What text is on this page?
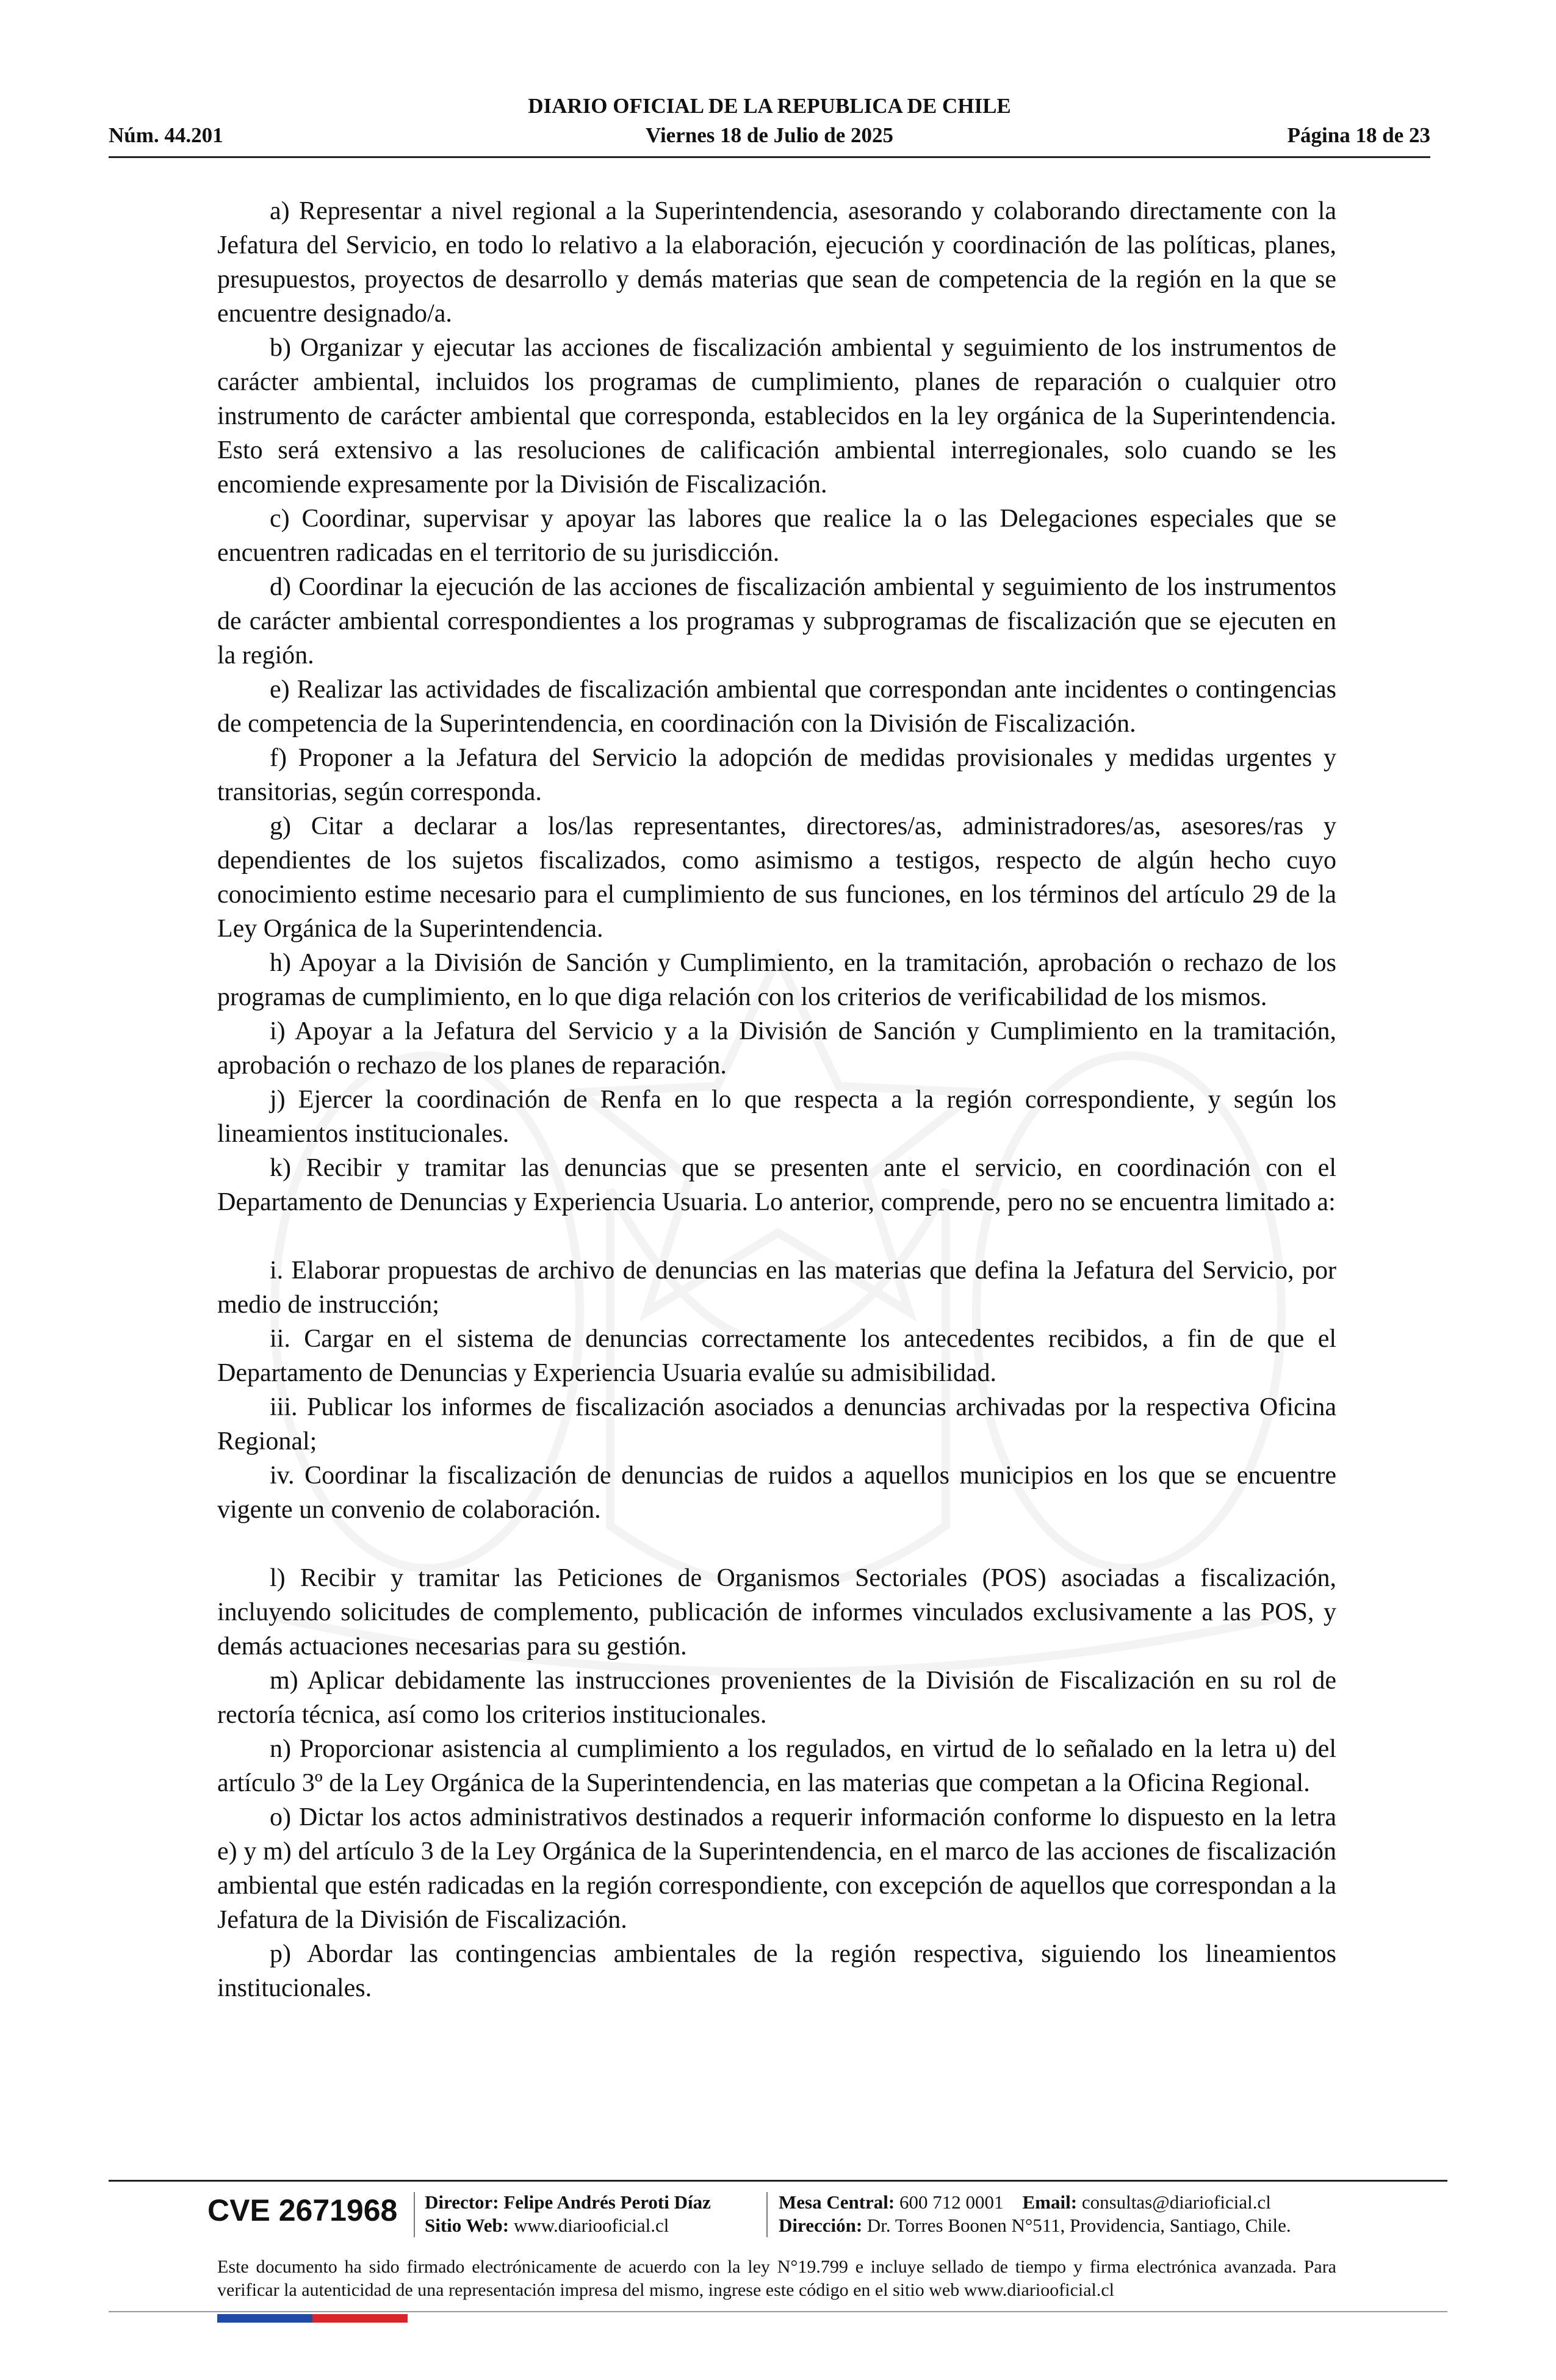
DIARIO OFICIAL DE LA REPUBLICA DE CHILE
Viernes 18 de Julio de 2025
Núm. 44.201	Página 18 de 23

a) Representar a nivel regional a la Superintendencia, asesorando y colaborando directamente con la Jefatura del Servicio, en todo lo relativo a la elaboración, ejecución y coordinación de las políticas, planes, presupuestos, proyectos de desarrollo y demás materias que sean de competencia de la región en la que se encuentre designado/a.

b) Organizar y ejecutar las acciones de fiscalización ambiental y seguimiento de los instrumentos de carácter ambiental, incluidos los programas de cumplimiento, planes de reparación o cualquier otro instrumento de carácter ambiental que corresponda, establecidos en la ley orgánica de la Superintendencia. Esto será extensivo a las resoluciones de calificación ambiental interregionales, solo cuando se les encomiende expresamente por la División de Fiscalización.

c) Coordinar, supervisar y apoyar las labores que realice la o las Delegaciones especiales que se encuentren radicadas en el territorio de su jurisdicción.

d) Coordinar la ejecución de las acciones de fiscalización ambiental y seguimiento de los instrumentos de carácter ambiental correspondientes a los programas y subprogramas de fiscalización que se ejecuten en la región.

e) Realizar las actividades de fiscalización ambiental que correspondan ante incidentes o contingencias de competencia de la Superintendencia, en coordinación con la División de Fiscalización.

f) Proponer a la Jefatura del Servicio la adopción de medidas provisionales y medidas urgentes y transitorias, según corresponda.

g) Citar a declarar a los/las representantes, directores/as, administradores/as, asesores/ras y dependientes de los sujetos fiscalizados, como asimismo a testigos, respecto de algún hecho cuyo conocimiento estime necesario para el cumplimiento de sus funciones, en los términos del artículo 29 de la Ley Orgánica de la Superintendencia.

h) Apoyar a la División de Sanción y Cumplimiento, en la tramitación, aprobación o rechazo de los programas de cumplimiento, en lo que diga relación con los criterios de verificabilidad de los mismos.

i) Apoyar a la Jefatura del Servicio y a la División de Sanción y Cumplimiento en la tramitación, aprobación o rechazo de los planes de reparación.

j) Ejercer la coordinación de Renfa en lo que respecta a la región correspondiente, y según los lineamientos institucionales.

k) Recibir y tramitar las denuncias que se presenten ante el servicio, en coordinación con el Departamento de Denuncias y Experiencia Usuaria. Lo anterior, comprende, pero no se encuentra limitado a:

i. Elaborar propuestas de archivo de denuncias en las materias que defina la Jefatura del Servicio, por medio de instrucción;

ii. Cargar en el sistema de denuncias correctamente los antecedentes recibidos, a fin de que el Departamento de Denuncias y Experiencia Usuaria evalúe su admisibilidad.

iii. Publicar los informes de fiscalización asociados a denuncias archivadas por la respectiva Oficina Regional;

iv. Coordinar la fiscalización de denuncias de ruidos a aquellos municipios en los que se encuentre vigente un convenio de colaboración.

l) Recibir y tramitar las Peticiones de Organismos Sectoriales (POS) asociadas a fiscalización, incluyendo solicitudes de complemento, publicación de informes vinculados exclusivamente a las POS, y demás actuaciones necesarias para su gestión.

m) Aplicar debidamente las instrucciones provenientes de la División de Fiscalización en su rol de rectoría técnica, así como los criterios institucionales.

n) Proporcionar asistencia al cumplimiento a los regulados, en virtud de lo señalado en la letra u) del artículo 3º de la Ley Orgánica de la Superintendencia, en las materias que competan a la Oficina Regional.

o) Dictar los actos administrativos destinados a requerir información conforme lo dispuesto en la letra e) y m) del artículo 3 de la Ley Orgánica de la Superintendencia, en el marco de las acciones de fiscalización ambiental que estén radicadas en la región correspondiente, con excepción de aquellos que correspondan a la Jefatura de la División de Fiscalización.

p) Abordar las contingencias ambientales de la región respectiva, siguiendo los lineamientos institucionales.

CVE 2671968 Director: Felipe Andrés Peroti Díaz
Sitio Web: www.diariooficial.cl
Mesa Central: 600 712 0001 Email: consultas@diarioficial.cl
Dirección: Dr. Torres Boonen N°511, Providencia, Santiago, Chile.
Este documento ha sido firmado electrónicamente de acuerdo con la ley N°19.799 e incluye sellado de tiempo y firma electrónica avanzada. Para verificar la autenticidad de una representación impresa del mismo, ingrese este código en el sitio web www.diariooficial.cl
